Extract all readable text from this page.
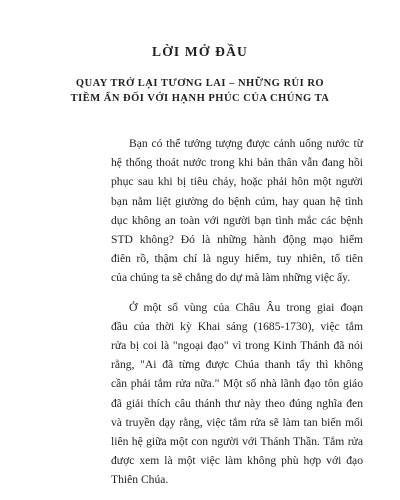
LỜI MỞ ĐẦU
QUAY TRỞ LẠI TƯƠNG LAI – NHỮNG RỦI RO
TIỀM ẨN ĐỐI VỚI HẠNH PHÚC CỦA CHÚNG TA
Bạn có thể tưởng tượng được cảnh uống nước từ
hệ thống thoát nước trong khi bản thân vẫn đang hồi
phục sau khi bị tiêu chảy, hoặc phải hôn một người
bạn nằm liệt giường do bệnh cúm, hay quan hệ tình
dục không an toàn với người bạn tình mắc các bệnh
STD không? Đó là những hành động mạo hiểm
điên rồ, thậm chí là nguy hiểm, tuy nhiên, tổ tiên
của chúng ta sẽ chẳng do dự mà làm những việc ấy.
Ở một số vùng của Châu Âu trong giai đoạn
đầu của thời kỳ Khai sáng (1685-1730), việc tắm
rửa bị coi là "ngoại đạo" vì trong Kinh Thánh đã nói
rằng, "Ai đã từng được Chúa thanh tẩy thì không
cần phải tắm rửa nữa." Một số nhà lãnh đạo tôn giáo
đã giải thích câu thánh thư này theo đúng nghĩa đen
và truyền dạy rằng, việc tắm rửa sẽ làm tan biến mối
liên hệ giữa một con người với Thánh Thần. Tắm rửa
được xem là một việc làm không phù hợp với đạo
Thiên Chúa.
